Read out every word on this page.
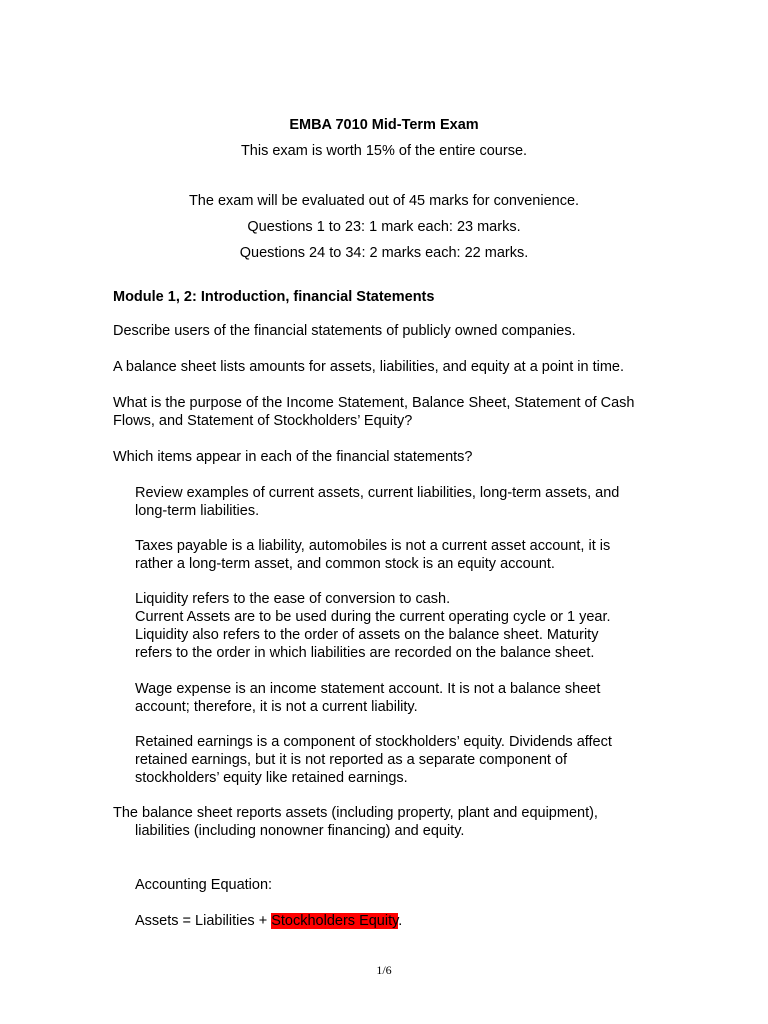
EMBA 7010 Mid-Term Exam
This exam is worth 15% of the entire course.
The exam will be evaluated out of 45 marks for convenience.
Questions 1 to 23: 1 mark each: 23 marks.
Questions 24 to 34: 2 marks each: 22 marks.
Module 1, 2: Introduction, financial Statements
Describe users of the financial statements of publicly owned companies.
A balance sheet lists amounts for assets, liabilities, and equity at a point in time.
What is the purpose of the Income Statement, Balance Sheet, Statement of Cash
Flows, and Statement of Stockholders’ Equity?
Which items appear in each of the financial statements?
Review examples of current assets, current liabilities, long-term assets, and
long-term liabilities.
Taxes payable is a liability, automobiles is not a current asset account, it is
rather a long-term asset, and common stock is an equity account.
Liquidity refers to the ease of conversion to cash.
Current Assets are to be used during the current operating cycle or 1 year.
Liquidity also refers to the order of assets on the balance sheet. Maturity
refers to the order in which liabilities are recorded on the balance sheet.
Wage expense is an income statement account. It is not a balance sheet
account; therefore, it is not a current liability.
Retained earnings is a component of stockholders’ equity. Dividends affect
retained earnings, but it is not reported as a separate component of
stockholders’ equity like retained earnings.
The balance sheet reports assets (including property, plant and equipment),
liabilities (including nonowner financing) and equity.
Accounting Equation:
Assets = Liabilities + Stockholders Equity.
1/6
